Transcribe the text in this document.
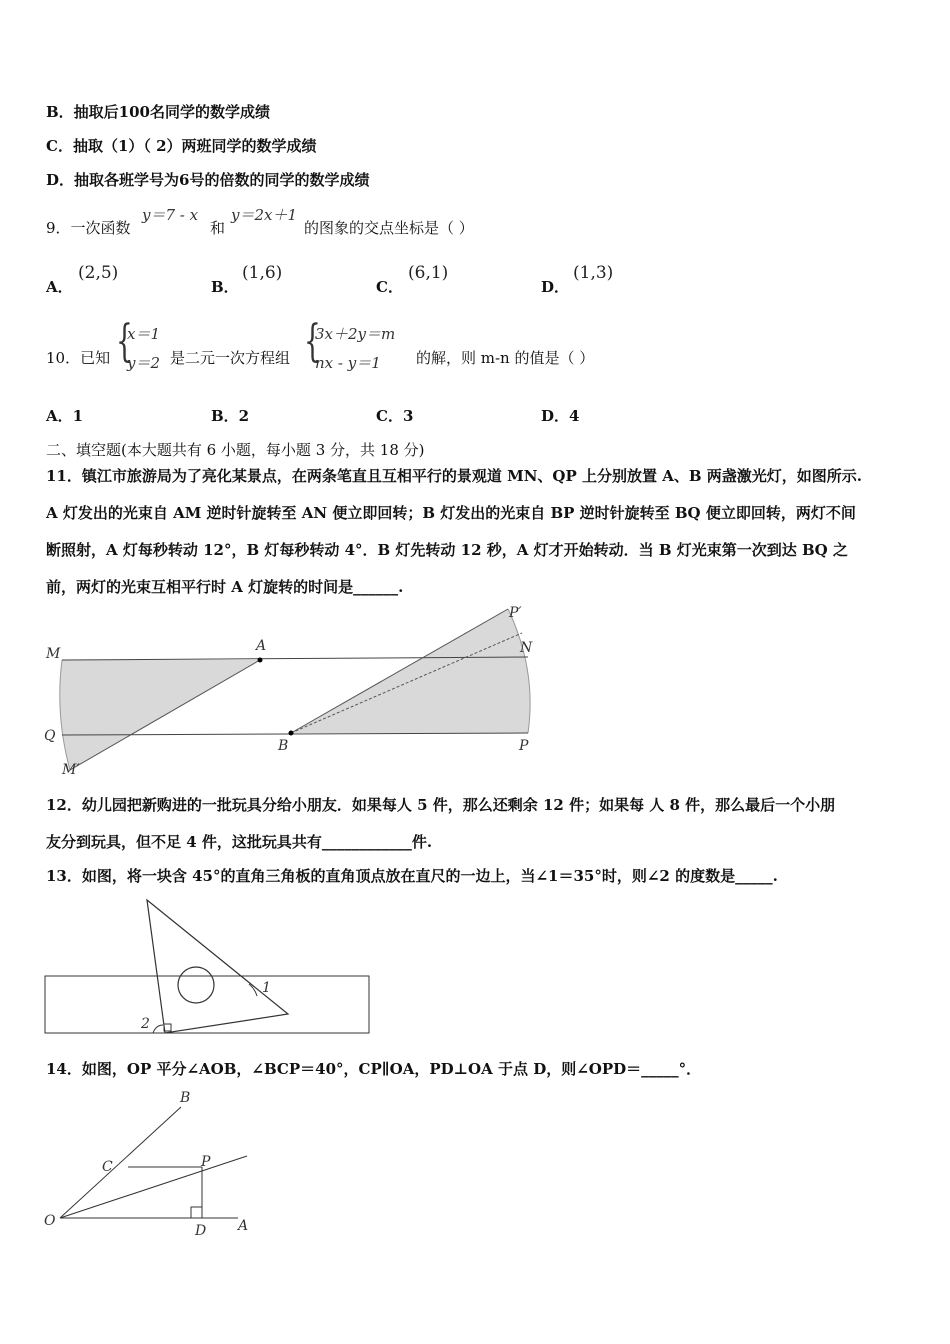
B．抽取后100名同学的数学成绩
C．抽取（1）（ 2）两班同学的数学成绩
D．抽取各班学号为6号的倍数的同学的数学成绩
9．一次函数
y＝7 - x
和
y＝2x＋1
的图象的交点坐标是（ ）
A．
(2,5)
B．
(1,6)
C．
(6,1)
D．
(1,3)
10．已知 {
x＝1
y＝2 是二元一次方程组 {
3x＋2y＝m
nx - y＝1 的解，则 m-n 的值是（ ）
A．1	B．2	C．3	D．4
二、填空题(本大题共有 6 小题，每小题 3 分，共 18 分)
11．镇江市旅游局为了亮化某景点，在两条笔直且互相平行的景观道 MN、QP 上分别放置 A、B 两盏激光灯，如图所示.
A 灯发出的光束自 AM 逆时针旋转至 AN 便立即回转；B 灯发出的光束自 BP 逆时针旋转至 BQ 便立即回转，两灯不间
断照射，A 灯每秒转动 12°，B 灯每秒转动 4°．B 灯先转动 12 秒，A 灯才开始转动．当 B 灯光束第一次到达 BQ 之
前，两灯的光束互相平行时 A 灯旋转的时间是______.
M	A	N
P′
Q
B	P
M′
12．幼儿园把新购进的一批玩具分给小朋友．如果每人 5 件，那么还剩余 12 件；如果每 人 8 件，那么最后一个小朋
友分到玩具，但不足 4 件，这批玩具共有____________件.
13．如图，将一块含 45°的直角三角板的直角顶点放在直尺的一边上，当∠1＝35°时，则∠2 的度数是_____.
1
2
14．如图，OP 平分∠AOB，∠BCP＝40°，CP∥OA，PD⊥OA 于点 D，则∠OPD＝_____°．
B
C	P
O
D A
